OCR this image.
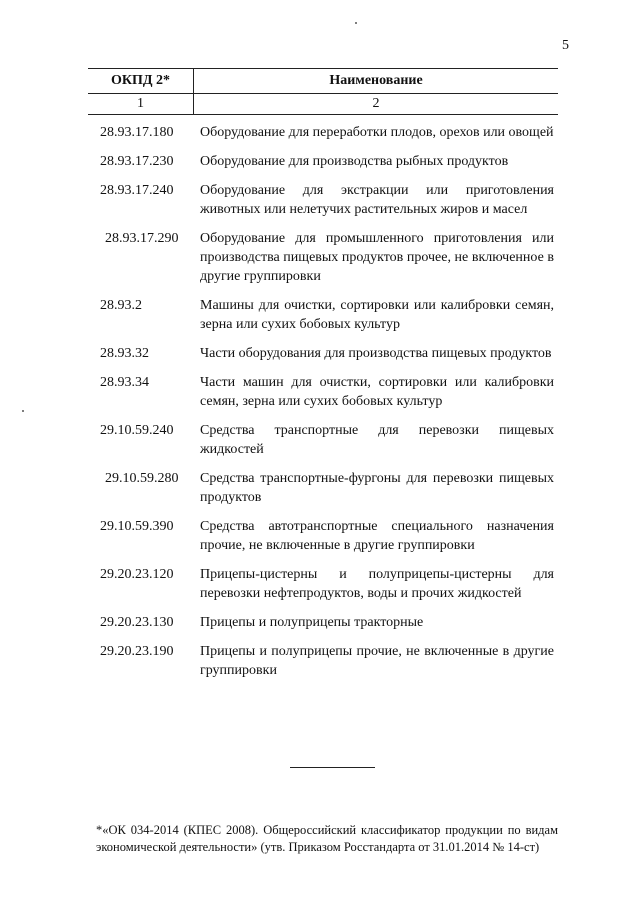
5
ОКПД 2*	Наименование
1	2
28.93.17.180	Оборудование для переработки плодов, орехов или овощей
28.93.17.230	Оборудование для производства рыбных продуктов
28.93.17.240	Оборудование для экстракции или приготовления животных или нелетучих растительных жиров и масел
28.93.17.290	Оборудование для промышленного приготовления или производства пищевых продуктов прочее, не включенное в другие группировки
28.93.2	Машины для очистки, сортировки или калибровки семян, зерна или сухих бобовых культур
28.93.32	Части оборудования для производства пищевых продуктов
28.93.34	Части машин для очистки, сортировки или калибровки семян, зерна или сухих бобовых культур
29.10.59.240	Средства транспортные для перевозки пищевых жидкостей
29.10.59.280	Средства транспортные-фургоны для перевозки пищевых продуктов
29.10.59.390	Средства автотранспортные специального назначения прочие, не включенные в другие группировки
29.20.23.120	Прицепы-цистерны и полуприцепы-цистерны для перевозки нефтепродуктов, воды и прочих жидкостей
29.20.23.130	Прицепы и полуприцепы тракторные
29.20.23.190	Прицепы и полуприцепы прочие, не включенные в другие группировки
*«ОК 034-2014 (КПЕС 2008). Общероссийский классификатор продукции по видам экономической деятельности» (утв. Приказом Росстандарта от 31.01.2014 № 14-ст)
